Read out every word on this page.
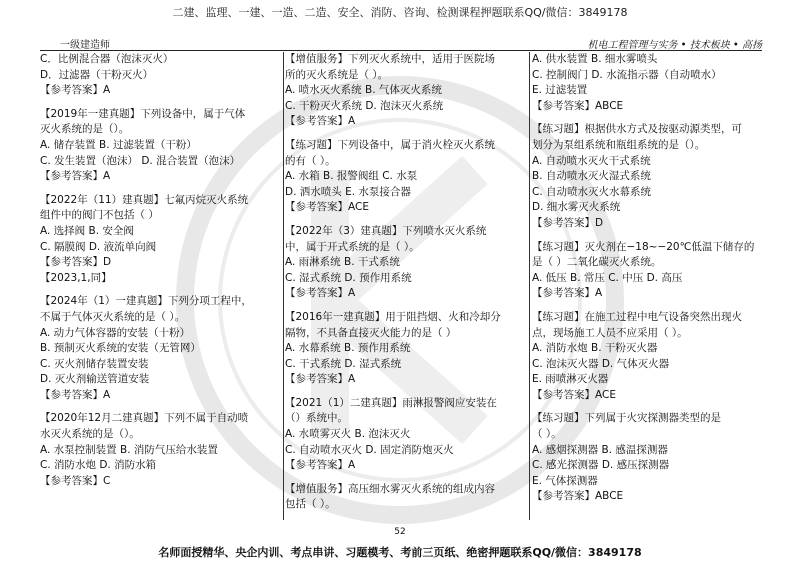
二建、监理、一建、一造、二造、安全、消防、咨询、检测课程押题联系QQ/微信：3849178
一级建造师	机电工程管理与实务 • 技术板块 • 高扬
C．比例混合器（泡沫灭火）
D．过滤器（干粉灭火）
【参考答案】A
【2019年一建真题】下列设备中，属于气体
灭火系统的是（）。
A. 储存装置 B. 过滤装置（干粉）
C. 发生装置（泡沫） D. 混合装置（泡沫）
【参考答案】A
【2022年（11）建真题】七氟丙烷灭火系统
组件中的阀门不包括（ ）
A. 选择阀 B. 安全阀
C. 隔膜阀 D. 液流单向阀
【参考答案】D
【2023,1,同】
【2024年（1）一建真题】下列分项工程中，
不属于气体灭火系统的是（ ）。
A. 动力气体容器的安装（十粉）
B. 预制灭火系统的安装（无管网）
C. 灭火剂储存装置安装
D. 灭火剂输送管道安装
【参考答案】A
【2020年12月二建真题】下列不属于自动喷
水灭火系统的是（）。
A. 水泵控制装置 B. 消防气压给水装置
C. 消防水炮 D. 消防水箱
【参考答案】C
【增值服务】下列灭火系统中，适用于医院场
所的灭火系统是（ ）。
A. 喷水灭火系统 B. 气体灭火系统
C. 干粉灭火系统 D. 泡沫灭火系统
【参考答案】A
【练习题】下列设备中，属于消火栓灭火系统
的有（ ）。
A. 水箱 B. 报警阀组 C. 水泵
D. 洒水喷头 E. 水泵接合器
【参考答案】ACE
【2022年（3）建真题】下列喷水灭火系统
中，属于开式系统的是（ ）。
A. 雨淋系统 B. 干式系统
C. 湿式系统 D. 预作用系统
【参考答案】A
【2016年一建真题】用于阻挡烟、火和冷却分
隔物，不具备直接灭火能力的是（ ）
A. 水幕系统 B. 预作用系统
C. 干式系统 D. 湿式系统
【参考答案】A
【2021（1）二建真题】雨淋报警阀应安装在
（）系统中。
A. 水喷雾灭火 B. 泡沫灭火
C. 自动喷水灭火 D. 固定消防炮灭火
【参考答案】A
【增值服务】高压细水雾灭火系统的组成内容
包括（ ）。
A. 供水装置 B. 细水雾喷头
C. 控制阀门 D. 水流指示器（自动喷水）
E. 过滤装置
【参考答案】ABCE
【练习题】根据供水方式及按驱动源类型，可
划分为泵组系统和瓶组系统的是（）。
A. 自动喷水灭火干式系统
B. 自动喷水灭火湿式系统
C. 自动喷水灭火水幕系统
D. 细水雾灭火系统
【参考答案】D
【练习题】灭火剂在−18~−20℃低温下储存的
是（ ）二氧化碳灭火系统。
A. 低压 B. 常压 C. 中压 D. 高压
【参考答案】A
【练习题】在施工过程中电气设备突然出现火
点，现场施工人员不应采用（ ）。
A. 消防水炮 B. 干粉灭火器
C. 泡沫灭火器 D. 气体灭火器
E. 雨喷淋灭火器
【参考答案】ACE
【练习题】下列属于火灾探测器类型的是
（ ）。
A. 感烟探测器 B. 感温探测器
C. 感光探测器 D. 感压探测器
E. 气体探测器
【参考答案】ABCE
52
名师面授精华、央企内训、考点串讲、习题模考、考前三页纸、绝密押题联系QQ/微信：3849178
